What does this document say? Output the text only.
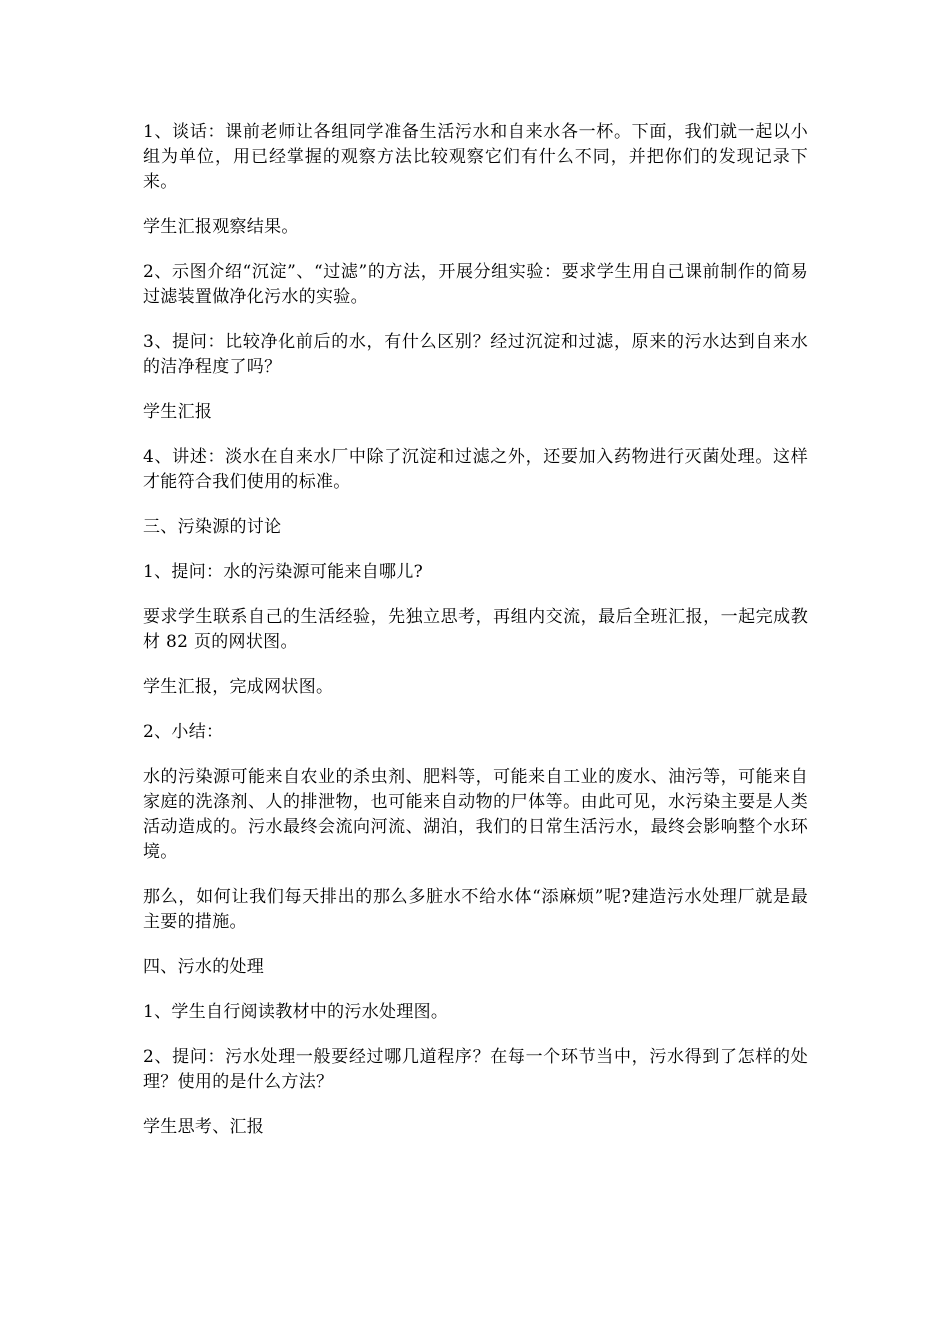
1、谈话：课前老师让各组同学准备生活污水和自来水各一杯。下面，我们就一起以小组为单位，用已经掌握的观察方法比较观察它们有什么不同，并把你们的发现记录下来。

学生汇报观察结果。

2、示图介绍“沉淀”、“过滤”的方法，开展分组实验：要求学生用自己课前制作的简易过滤装置做净化污水的实验。

3、提问：比较净化前后的水，有什么区别？经过沉淀和过滤，原来的污水达到自来水的洁净程度了吗？

学生汇报

4、讲述：淡水在自来水厂中除了沉淀和过滤之外，还要加入药物进行灭菌处理。这样才能符合我们使用的标准。

三、污染源的讨论

1、提问：水的污染源可能来自哪儿?

要求学生联系自己的生活经验，先独立思考，再组内交流，最后全班汇报，一起完成教材 82 页的网状图。

学生汇报，完成网状图。

2、小结：

水的污染源可能来自农业的杀虫剂、肥料等，可能来自工业的废水、油污等，可能来自家庭的洗涤剂、人的排泄物，也可能来自动物的尸体等。由此可见，水污染主要是人类活动造成的。污水最终会流向河流、湖泊，我们的日常生活污水，最终会影响整个水环境。

那么，如何让我们每天排出的那么多脏水不给水体“添麻烦”呢?建造污水处理厂就是最主要的措施。

四、污水的处理

1、学生自行阅读教材中的污水处理图。

2、提问：污水处理一般要经过哪几道程序？在每一个环节当中，污水得到了怎样的处理？使用的是什么方法？

学生思考、汇报
